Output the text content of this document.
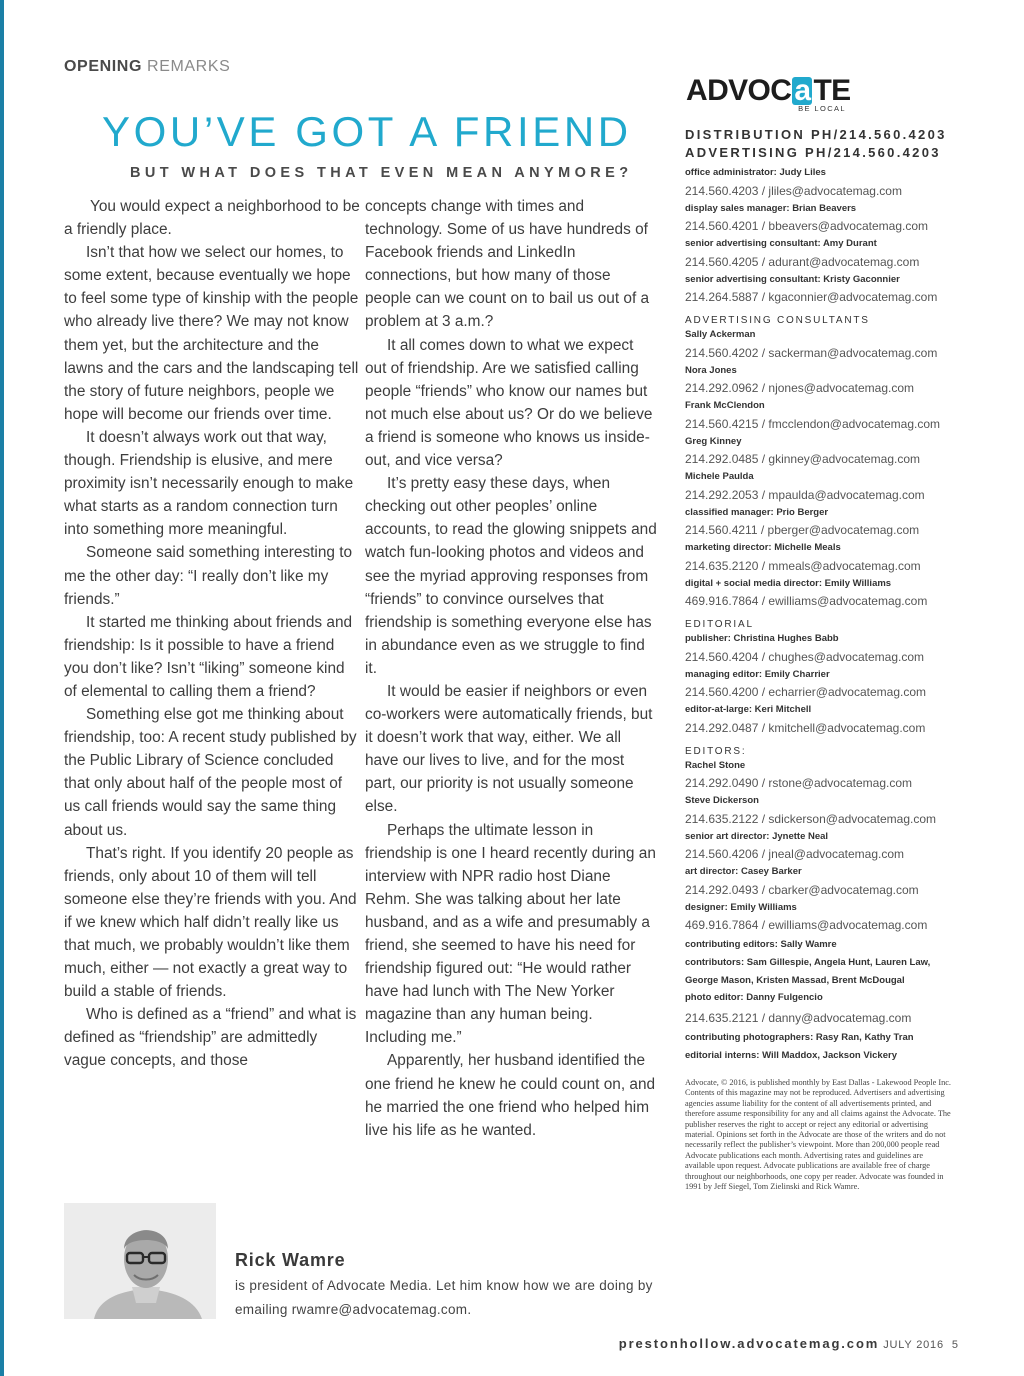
OPENING REMARKS
YOU’VE GOT A FRIEND
BUT WHAT DOES THAT EVEN MEAN ANYMORE?

You would expect a neighborhood to be a friendly place.

Isn’t that how we select our homes, to some extent, because eventually we hope to feel some type of kinship with the people who already live there? We may not know them yet, but the architecture and the lawns and the cars and the landscaping tell the story of future neighbors, people we hope will become our friends over time.

It doesn’t always work out that way, though. Friendship is elusive, and mere proximity isn’t necessarily enough to make what starts as a random connection turn into something more meaningful.

Someone said something interesting to me the other day: “I really don’t like my friends.”

It started me thinking about friends and friendship: Is it possible to have a friend you don’t like? Isn’t “liking” someone kind of elemental to calling them a friend?

Something else got me thinking about friendship, too: A recent study published by the Public Library of Science concluded that only about half of the people most of us call friends would say the same thing about us.

That’s right. If you identify 20 people as friends, only about 10 of them will tell someone else they’re friends with you. And if we knew which half didn’t really like us that much, we probably wouldn’t like them much, either — not exactly a great way to build a stable of friends.

Who is defined as a “friend” and what is defined as “friendship” are admittedly vague concepts, and those

concepts change with times and technology. Some of us have hundreds of Facebook friends and LinkedIn connections, but how many of those people can we count on to bail us out of a problem at 3 a.m.?

It all comes down to what we expect out of friendship. Are we satisfied calling people “friends” who know our names but not much else about us? Or do we believe a friend is someone who knows us inside-out, and vice versa?

It’s pretty easy these days, when checking out other peoples’ online accounts, to read the glowing snippets and watch fun-looking photos and videos and see the myriad approving responses from “friends” to convince ourselves that friendship is something everyone else has in abundance even as we struggle to find it.

It would be easier if neighbors or even co-workers were automatically friends, but it doesn’t work that way, either. We all have our lives to live, and for the most part, our priority is not usually someone else.

Perhaps the ultimate lesson in friendship is one I heard recently during an interview with NPR radio host Diane Rehm. She was talking about her late husband, and as a wife and presumably a friend, she seemed to have his need for friendship figured out: “He would rather have had lunch with The New Yorker magazine than any human being. Including me.”

Apparently, her husband identified the one friend he knew he could count on, and he married the one friend who helped him live his life as he wanted.

ADVOC a TE
BE LOCAL
DISTRIBUTION PH/214.560.4203
ADVERTISING PH/214.560.4203
office administrator: Judy Liles
214.560.4203 / jliles@advocatemag.com
display sales manager: Brian Beavers
214.560.4201 / bbeavers@advocatemag.com
senior advertising consultant: Amy Durant
214.560.4205 / adurant@advocatemag.com
senior advertising consultant: Kristy Gaconnier
214.264.5887 / kgaconnier@advocatemag.com
ADVERTISING CONSULTANTS
Sally Ackerman
214.560.4202 / sackerman@advocatemag.com
Nora Jones
214.292.0962 / njones@advocatemag.com
Frank McClendon
214.560.4215 / fmcclendon@advocatemag.com
Greg Kinney
214.292.0485 / gkinney@advocatemag.com
Michele Paulda
214.292.2053 / mpaulda@advocatemag.com
classified manager: Prio Berger
214.560.4211 / pberger@advocatemag.com
marketing director: Michelle Meals
214.635.2120 / mmeals@advocatemag.com
digital + social media director: Emily Williams
469.916.7864 / ewilliams@advocatemag.com
EDITORIAL
publisher: Christina Hughes Babb
214.560.4204 / chughes@advocatemag.com
managing editor: Emily Charrier
214.560.4200 / echarrier@advocatemag.com
editor-at-large: Keri Mitchell
214.292.0487 / kmitchell@advocatemag.com
EDITORS:
Rachel Stone
214.292.0490 / rstone@advocatemag.com
Steve Dickerson
214.635.2122 / sdickerson@advocatemag.com
senior art director: Jynette Neal
214.560.4206 / jneal@advocatemag.com
art director: Casey Barker
214.292.0493 / cbarker@advocatemag.com
designer: Emily Williams
469.916.7864 / ewilliams@advocatemag.com
contributing editors: Sally Wamre
contributors: Sam Gillespie, Angela Hunt, Lauren Law,
George Mason, Kristen Massad, Brent McDougal
photo editor: Danny Fulgencio
214.635.2121 / danny@advocatemag.com
contributing photographers: Rasy Ran, Kathy Tran
editorial interns: Will Maddox, Jackson Vickery
Advocate, © 2016, is published monthly by East Dallas - Lakewood People Inc. Contents of this magazine may not be reproduced. Advertisers and advertising agencies assume liability for the content of all advertisements printed, and therefore assume responsibility for any and all claims against the Advocate. The publisher reserves the right to accept or reject any editorial or advertising material. Opinions set forth in the Advocate are those of the writers and do not necessarily reflect the publisher’s viewpoint. More than 200,000 people read Advocate publications each month. Advertising rates and guidelines are available upon request. Advocate publications are available free of charge throughout our neighborhoods, one copy per reader. Advocate was founded in 1991 by Jeff Siegel, Tom Zielinski and Rick Wamre.
Rick Wamre
is president of Advocate Media. Let him know how we are doing by emailing rwamre@advocatemag.com.
prestonhollow.advocatemag.com JULY 2016 5
